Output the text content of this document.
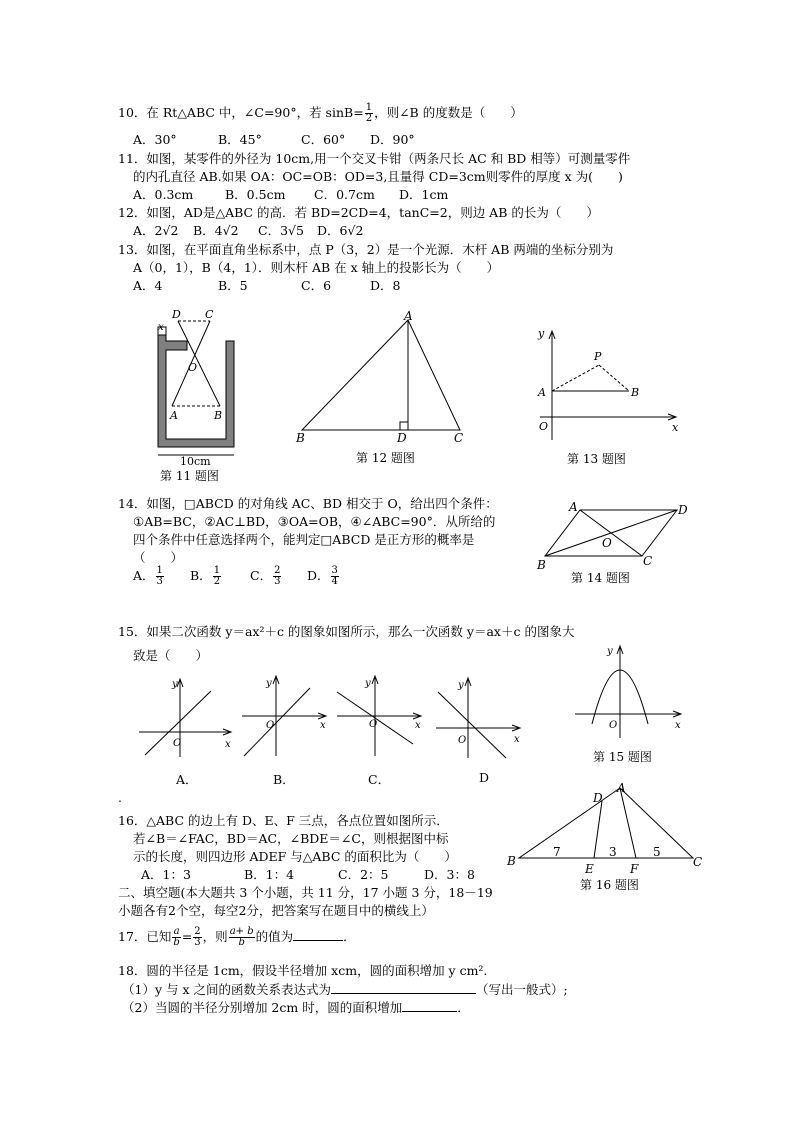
10．在 Rt△ABC 中，∠C=90°，若 $\sin B= \frac{1}{2}$ ，则∠B 的度数是（　　）
A．30°	B．45°	C．60° D．90°
11．如图，某零件的外径为 10cm,用一个交叉卡钳（两条尺长 AC 和 BD 相等）可测量零件
的内孔直径 AB.如果 OA：OC=OB：OD=3,且量得 CD=3cm则零件的厚度 x 为(　　)
A．0.3cm	B．0.5cm C．0.7cm D．1cm
12．如图，AD是△ABC 的高．若 BD=2CD=4，tanC=2，则边 AB 的长为（　　）
A．2√2 B．4√2 C．3√5 D．6√2
13．如图，在平面直角坐标系中，点 P（3，2）是一个光源．木杆 AB 两端的坐标分别为
A（0，1），B（4，1）．则木杆 AB 在 x 轴上的投影长为（　　）
A．4	B．5	C．6	D．8
D C
x
O
A	B
10cm
第 11 题图
A
B	D	C
第 12 题图
y
P
A	B
O	x
第 13 题图
14．如图，□ABCD 的对角线 AC、BD 相交于 O，给出四个条件：
①AB=BC，②AC⊥BD，③OA=OB，④∠ABC=90°．从所给的
四个条件中任意选择两个，能判定□ABCD 是正方形的概率是
（　　）
A． $\frac{1}{3}$ B． $\frac{1}{2}$ C． $\frac{2}{3}$ D． $\frac{3}{4}$
A	D
O
B	C
第 14 题图
15．如果二次函数 y＝ax²＋c 的图象如图所示，那么一次函数 y＝ax＋c 的图象大
致是（　　）
y
O	x
y
O	x
y
O	x
y
O	x
A．	B．	C．	D
y
O	x
第 15 题图
.
16．△ABC 的边上有 D、E、F 三点，各点位置如图所示．
若∠B＝∠FAC，BD＝AC，∠BDE＝∠C，则根据图中标
示的长度，则四边形 ADEF 与△ABC 的面积比为（　　）
A．1：3	B．1：4	C．2：5	D．3：8
A
D
B
E	F	C
7	3	5
第 16 题图
二、填空题(本大题共 3 个小题，共 11 分，17 小题 3 分，18－19
小题各有2个空，每空2分，把答案写在题目中的横线上）
17．已知 $\frac{a}{b} = \frac{2}{3}$ ，则 $\frac{a+ b}{b}$ 的值为	．
18．圆的半径是 1cm，假设半径增加 xcm，圆的面积增加 y cm².
（1）y 与 x 之间的函数关系表达式为	（写出一般式）;
（2）当圆的半径分别增加 2cm 时，圆的面积增加	．
